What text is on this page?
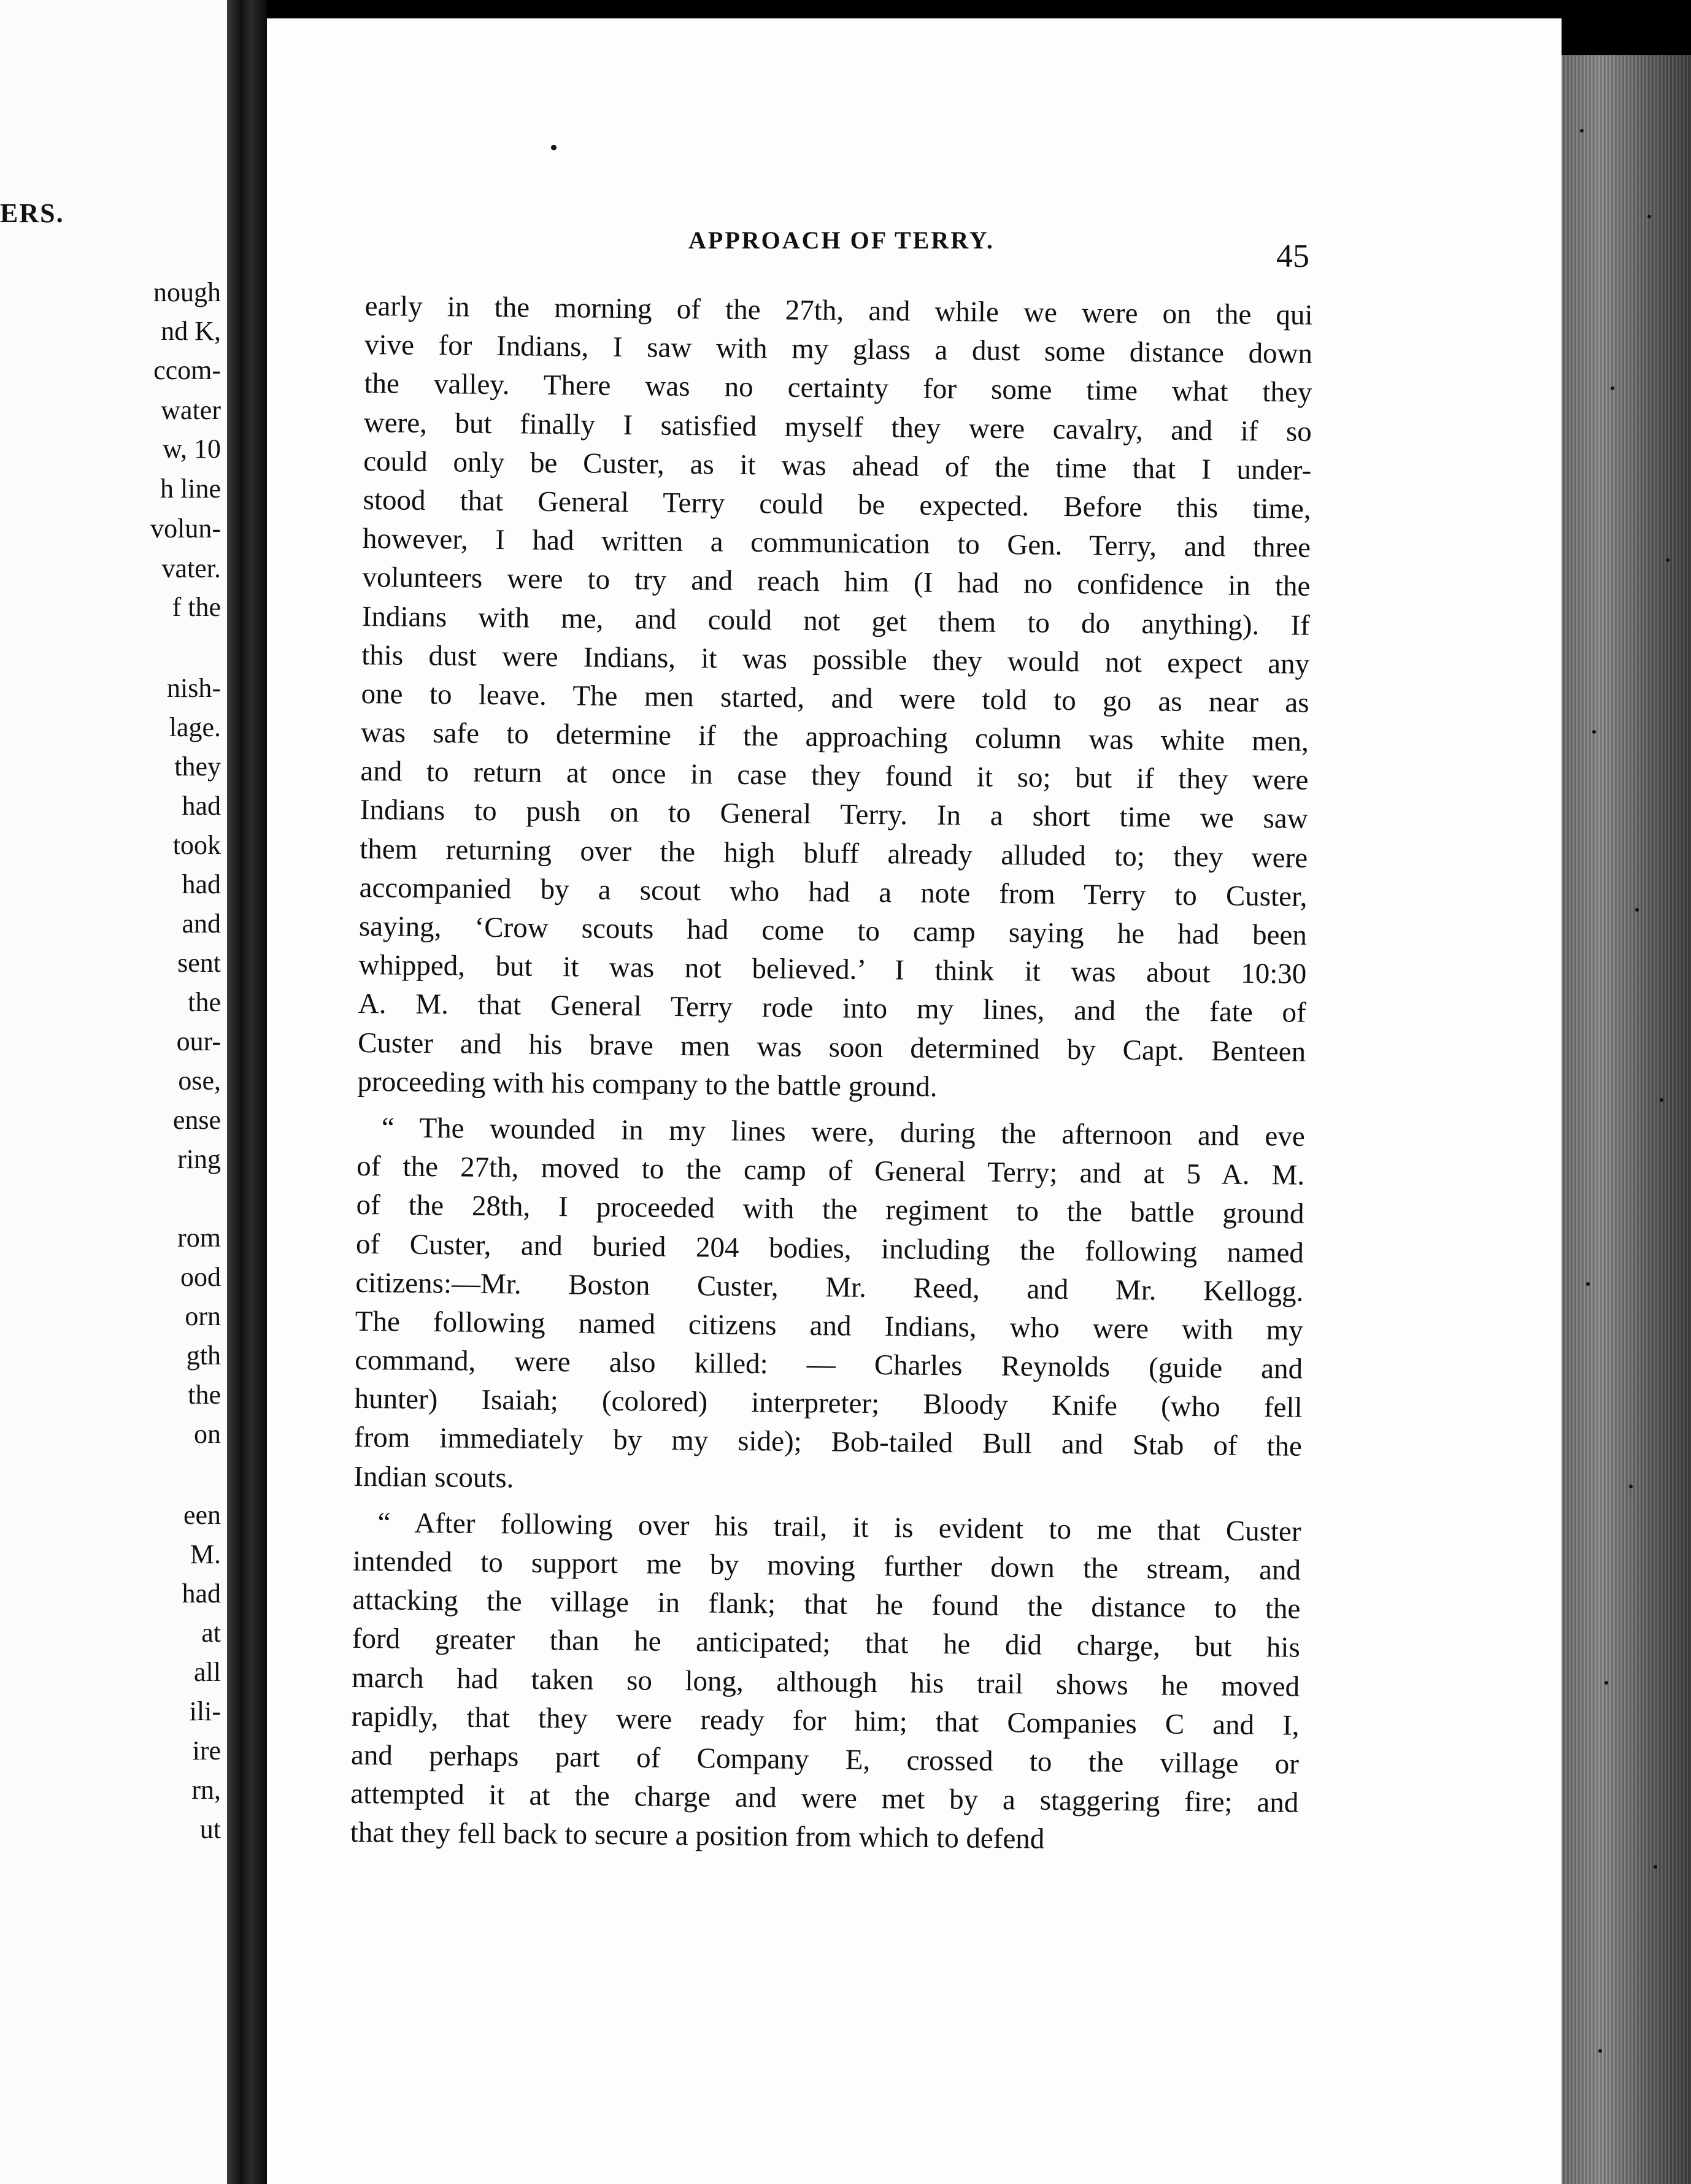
ERS.
nough
nd K,
ccom-
water
w, 10
h line
volun-
vater.
f the
nish-
lage.
they
had
took
had
and
sent
the
our-
ose,
ense
ring
rom
ood
orn
gth
the
on
een
M.
had
at
all
ili-
ire
rn,
ut
APPROACH OF TERRY.	45
early in the morning of the 27th, and while we were on the qui
vive for Indians, I saw with my glass a dust some distance down
the valley. There was no certainty for some time what they
were, but finally I satisfied myself they were cavalry, and if so
could only be Custer, as it was ahead of the time that I under-
stood that General Terry could be expected. Before this time,
however, I had written a communication to Gen. Terry, and three
volunteers were to try and reach him (I had no confidence in the
Indians with me, and could not get them to do anything). If
this dust were Indians, it was possible they would not expect any
one to leave. The men started, and were told to go as near as
was safe to determine if the approaching column was white men,
and to return at once in case they found it so; but if they were
Indians to push on to General Terry. In a short time we saw
them returning over the high bluff already alluded to; they were
accompanied by a scout who had a note from Terry to Custer,
saying, ‘Crow scouts had come to camp saying he had been
whipped, but it was not believed.’ I think it was about 10:30
A. M. that General Terry rode into my lines, and the fate of
Custer and his brave men was soon determined by Capt. Benteen
proceeding with his company to the battle ground.
“ The wounded in my lines were, during the afternoon and eve
of the 27th, moved to the camp of General Terry; and at 5 A. M.
of the 28th, I proceeded with the regiment to the battle ground
of Custer, and buried 204 bodies, including the following named
citizens:—Mr. Boston Custer, Mr. Reed, and Mr. Kellogg.
The following named citizens and Indians, who were with my
command, were also killed: — Charles Reynolds (guide and
hunter) Isaiah; (colored) interpreter; Bloody Knife (who fell
from immediately by my side); Bob-tailed Bull and Stab of the
Indian scouts.
“ After following over his trail, it is evident to me that Custer
intended to support me by moving further down the stream, and
attacking the village in flank; that he found the distance to the
ford greater than he anticipated; that he did charge, but his
march had taken so long, although his trail shows he moved
rapidly, that they were ready for him; that Companies C and I,
and perhaps part of Company E, crossed to the village or
attempted it at the charge and were met by a staggering fire; and
that they fell back to secure a position from which to defend
